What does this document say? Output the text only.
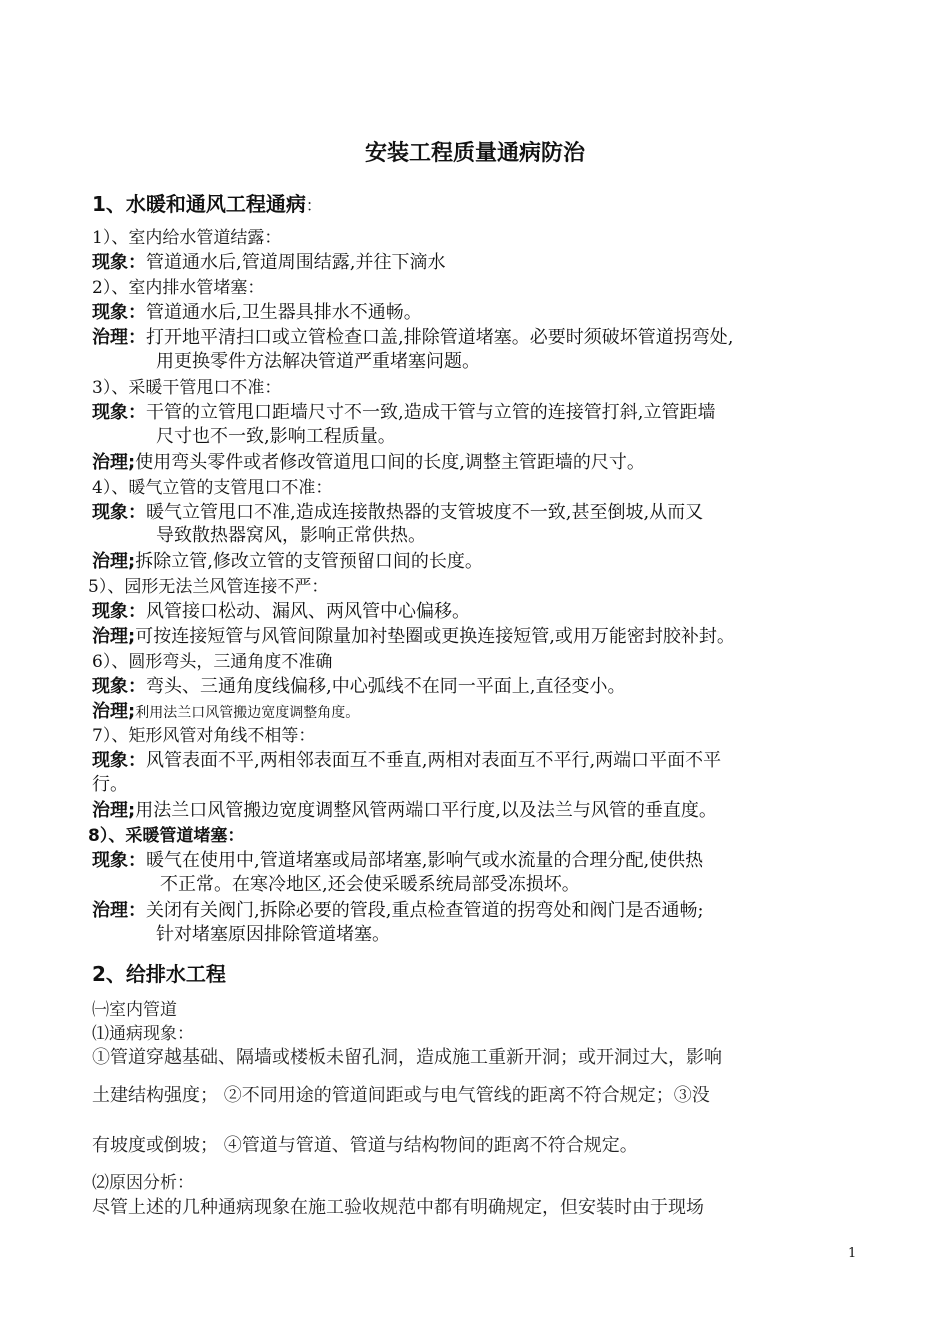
安装工程质量通病防治
1、水暖和通风工程通病：
1）、室内给水管道结露：
现象：管道通水后,管道周围结露,并往下滴水
2）、室内排水管堵塞：
现象：管道通水后,卫生器具排水不通畅。
治理：打开地平清扫口或立管检查口盖,排除管道堵塞。必要时须破坏管道拐弯处,
用更换零件方法解决管道严重堵塞问题。
3）、采暖干管甩口不准：
现象：干管的立管甩口距墙尺寸不一致,造成干管与立管的连接管打斜,立管距墙
尺寸也不一致,影响工程质量。
治理;使用弯头零件或者修改管道甩口间的长度,调整主管距墙的尺寸。
4）、暖气立管的支管甩口不准：
现象：暖气立管甩口不准,造成连接散热器的支管坡度不一致,甚至倒坡,从而又
导致散热器窝风，影响正常供热。
治理;拆除立管,修改立管的支管预留口间的长度。
5）、园形无法兰风管连接不严：
现象：风管接口松动、漏风、两风管中心偏移。
治理;可按连接短管与风管间隙量加衬垫圈或更换连接短管,或用万能密封胶补封。
6）、圆形弯头，三通角度不准确
现象：弯头、三通角度线偏移,中心弧线不在同一平面上,直径变小。
治理;利用法兰口风管搬边宽度调整角度。
7）、矩形风管对角线不相等：
现象：风管表面不平,两相邻表面互不垂直,两相对表面互不平行,两端口平面不平
行。
治理;用法兰口风管搬边宽度调整风管两端口平行度,以及法兰与风管的垂直度。
8）、采暖管道堵塞：
现象：暖气在使用中,管道堵塞或局部堵塞,影响气或水流量的合理分配,使供热
不正常。在寒冷地区,还会使采暖系统局部受冻损坏。
治理：关闭有关阀门,拆除必要的管段,重点检查管道的拐弯处和阀门是否通畅;
针对堵塞原因排除管道堵塞。
2、给排水工程
㈠室内管道
⑴通病现象：
①管道穿越基础、隔墙或楼板未留孔洞，造成施工重新开洞；或开洞过大，影响
土建结构强度； ②不同用途的管道间距或与电气管线的距离不符合规定；③没
有坡度或倒坡； ④管道与管道、管道与结构物间的距离不符合规定。
⑵原因分析：
尽管上述的几种通病现象在施工验收规范中都有明确规定，但安装时由于现场
1
